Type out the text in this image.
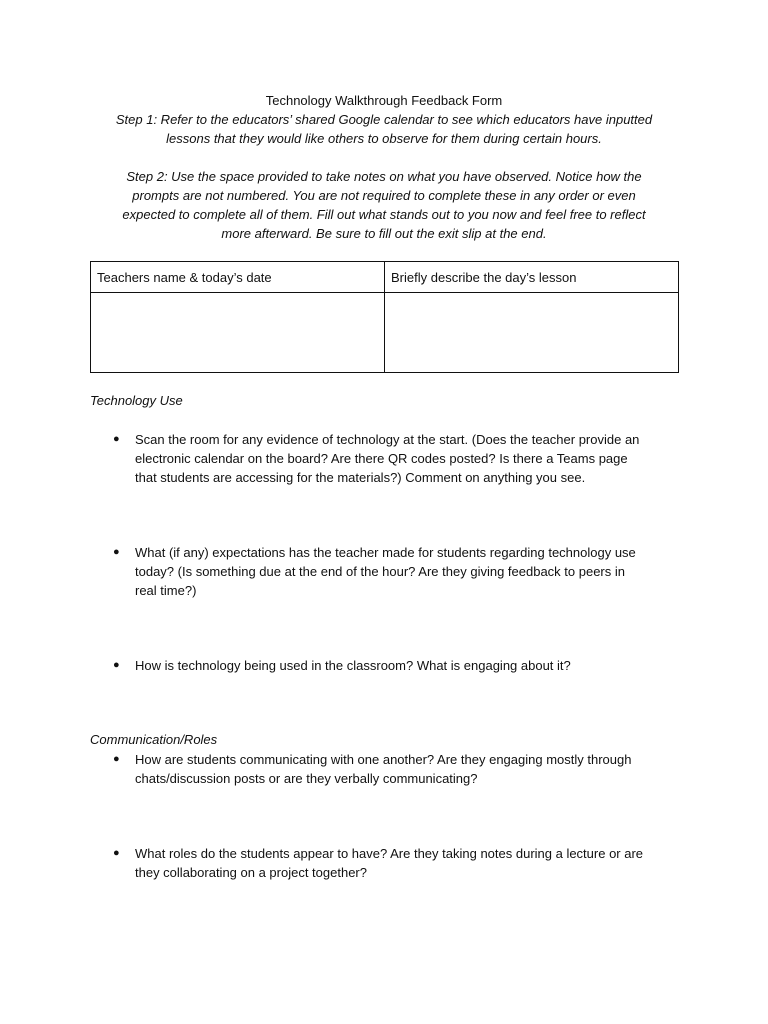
Technology Walkthrough Feedback Form
Step 1: Refer to the educators’ shared Google calendar to see which educators have inputted
lessons that they would like others to observe for them during certain hours.
Step 2: Use the space provided to take notes on what you have observed. Notice how the
prompts are not numbered. You are not required to complete these in any order or even
expected to complete all of them. Fill out what stands out to you now and feel free to reflect
more afterward. Be sure to fill out the exit slip at the end.
Teachers name & today’s date	Briefly describe the day’s lesson
Technology Use
●	Scan the room for any evidence of technology at the start. (Does the teacher provide an
electronic calendar on the board? Are there QR codes posted? Is there a Teams page
that students are accessing for the materials?) Comment on anything you see.
●	What (if any) expectations has the teacher made for students regarding technology use
today? (Is something due at the end of the hour? Are they giving feedback to peers in
real time?)
●	How is technology being used in the classroom? What is engaging about it?
Communication/Roles
●	How are students communicating with one another? Are they engaging mostly through
chats/discussion posts or are they verbally communicating?
●	What roles do the students appear to have? Are they taking notes during a lecture or are
they collaborating on a project together?
